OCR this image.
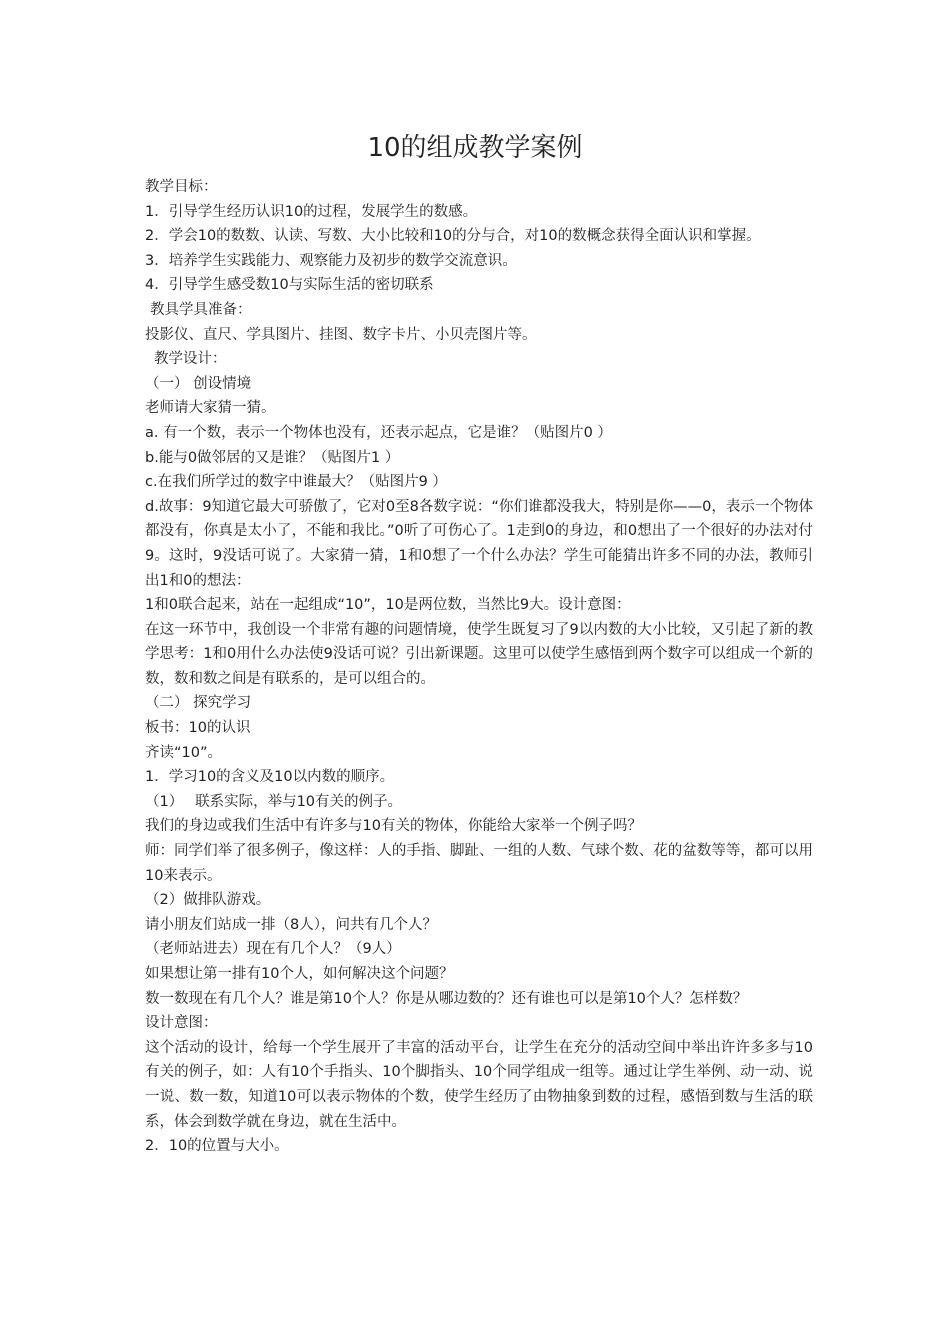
10的组成教学案例

教学目标：

1．引导学生经历认识10的过程，发展学生的数感。

2．学会10的数数、认读、写数、大小比较和10的分与合，对10的数概念获得全面认识和掌握。

3．培养学生实践能力、观察能力及初步的数学交流意识。

4．引导学生感受数10与实际生活的密切联系

教具学具准备：

投影仪、直尺、学具图片、挂图、数字卡片、小贝壳图片等。

教学设计：

（一） 创设情境

老师请大家猜一猜。

a. 有一个数，表示一个物体也没有，还表示起点，它是谁？（贴图片0 ）

b.能与0做邻居的又是谁？（贴图片1 ）

c.在我们所学过的数字中谁最大？（贴图片9 ）

d.故事：9知道它最大可骄傲了，它对0至8各数字说：“你们谁都没我大，特别是你——0，表示一个物体都没有，你真是太小了，不能和我比。”0听了可伤心了。1走到0的身边，和0想出了一个很好的办法对付9。这时，9没话可说了。大家猜一猜，1和0想了一个什么办法？学生可能猜出许多不同的办法，教师引出1和0的想法：

1和0联合起来，站在一起组成“10”，10是两位数，当然比9大。设计意图：

在这一环节中，我创设一个非常有趣的问题情境，使学生既复习了9以内数的大小比较，又引起了新的教学思考：1和0用什么办法使9没话可说？引出新课题。这里可以使学生感悟到两个数字可以组成一个新的数，数和数之间是有联系的，是可以组合的。

（二） 探究学习

板书：10的认识

齐读“10”。

1．学习10的含义及10以内数的顺序。

（1）　 联系实际，举与10有关的例子。

我们的身边或我们生活中有许多与10有关的物体，你能给大家举一个例子吗？

师：同学们举了很多例子，像这样：人的手指、脚趾、一组的人数、气球个数、花的盆数等等，都可以用10来表示。

（2）做排队游戏。

请小朋友们站成一排（8人），问共有几个人？

（老师站进去）现在有几个人？（9人）

如果想让第一排有10个人，如何解决这个问题？

数一数现在有几个人？谁是第10个人？你是从哪边数的？还有谁也可以是第10个人？怎样数？

设计意图：

这个活动的设计，给每一个学生展开了丰富的活动平台，让学生在充分的活动空间中举出许许多多与10有关的例子，如：人有10个手指头、10个脚指头、10个同学组成一组等。通过让学生举例、动一动、说一说、数一数，知道10可以表示物体的个数，使学生经历了由物抽象到数的过程，感悟到数与生活的联系，体会到数学就在身边，就在生活中。

2．10的位置与大小。
